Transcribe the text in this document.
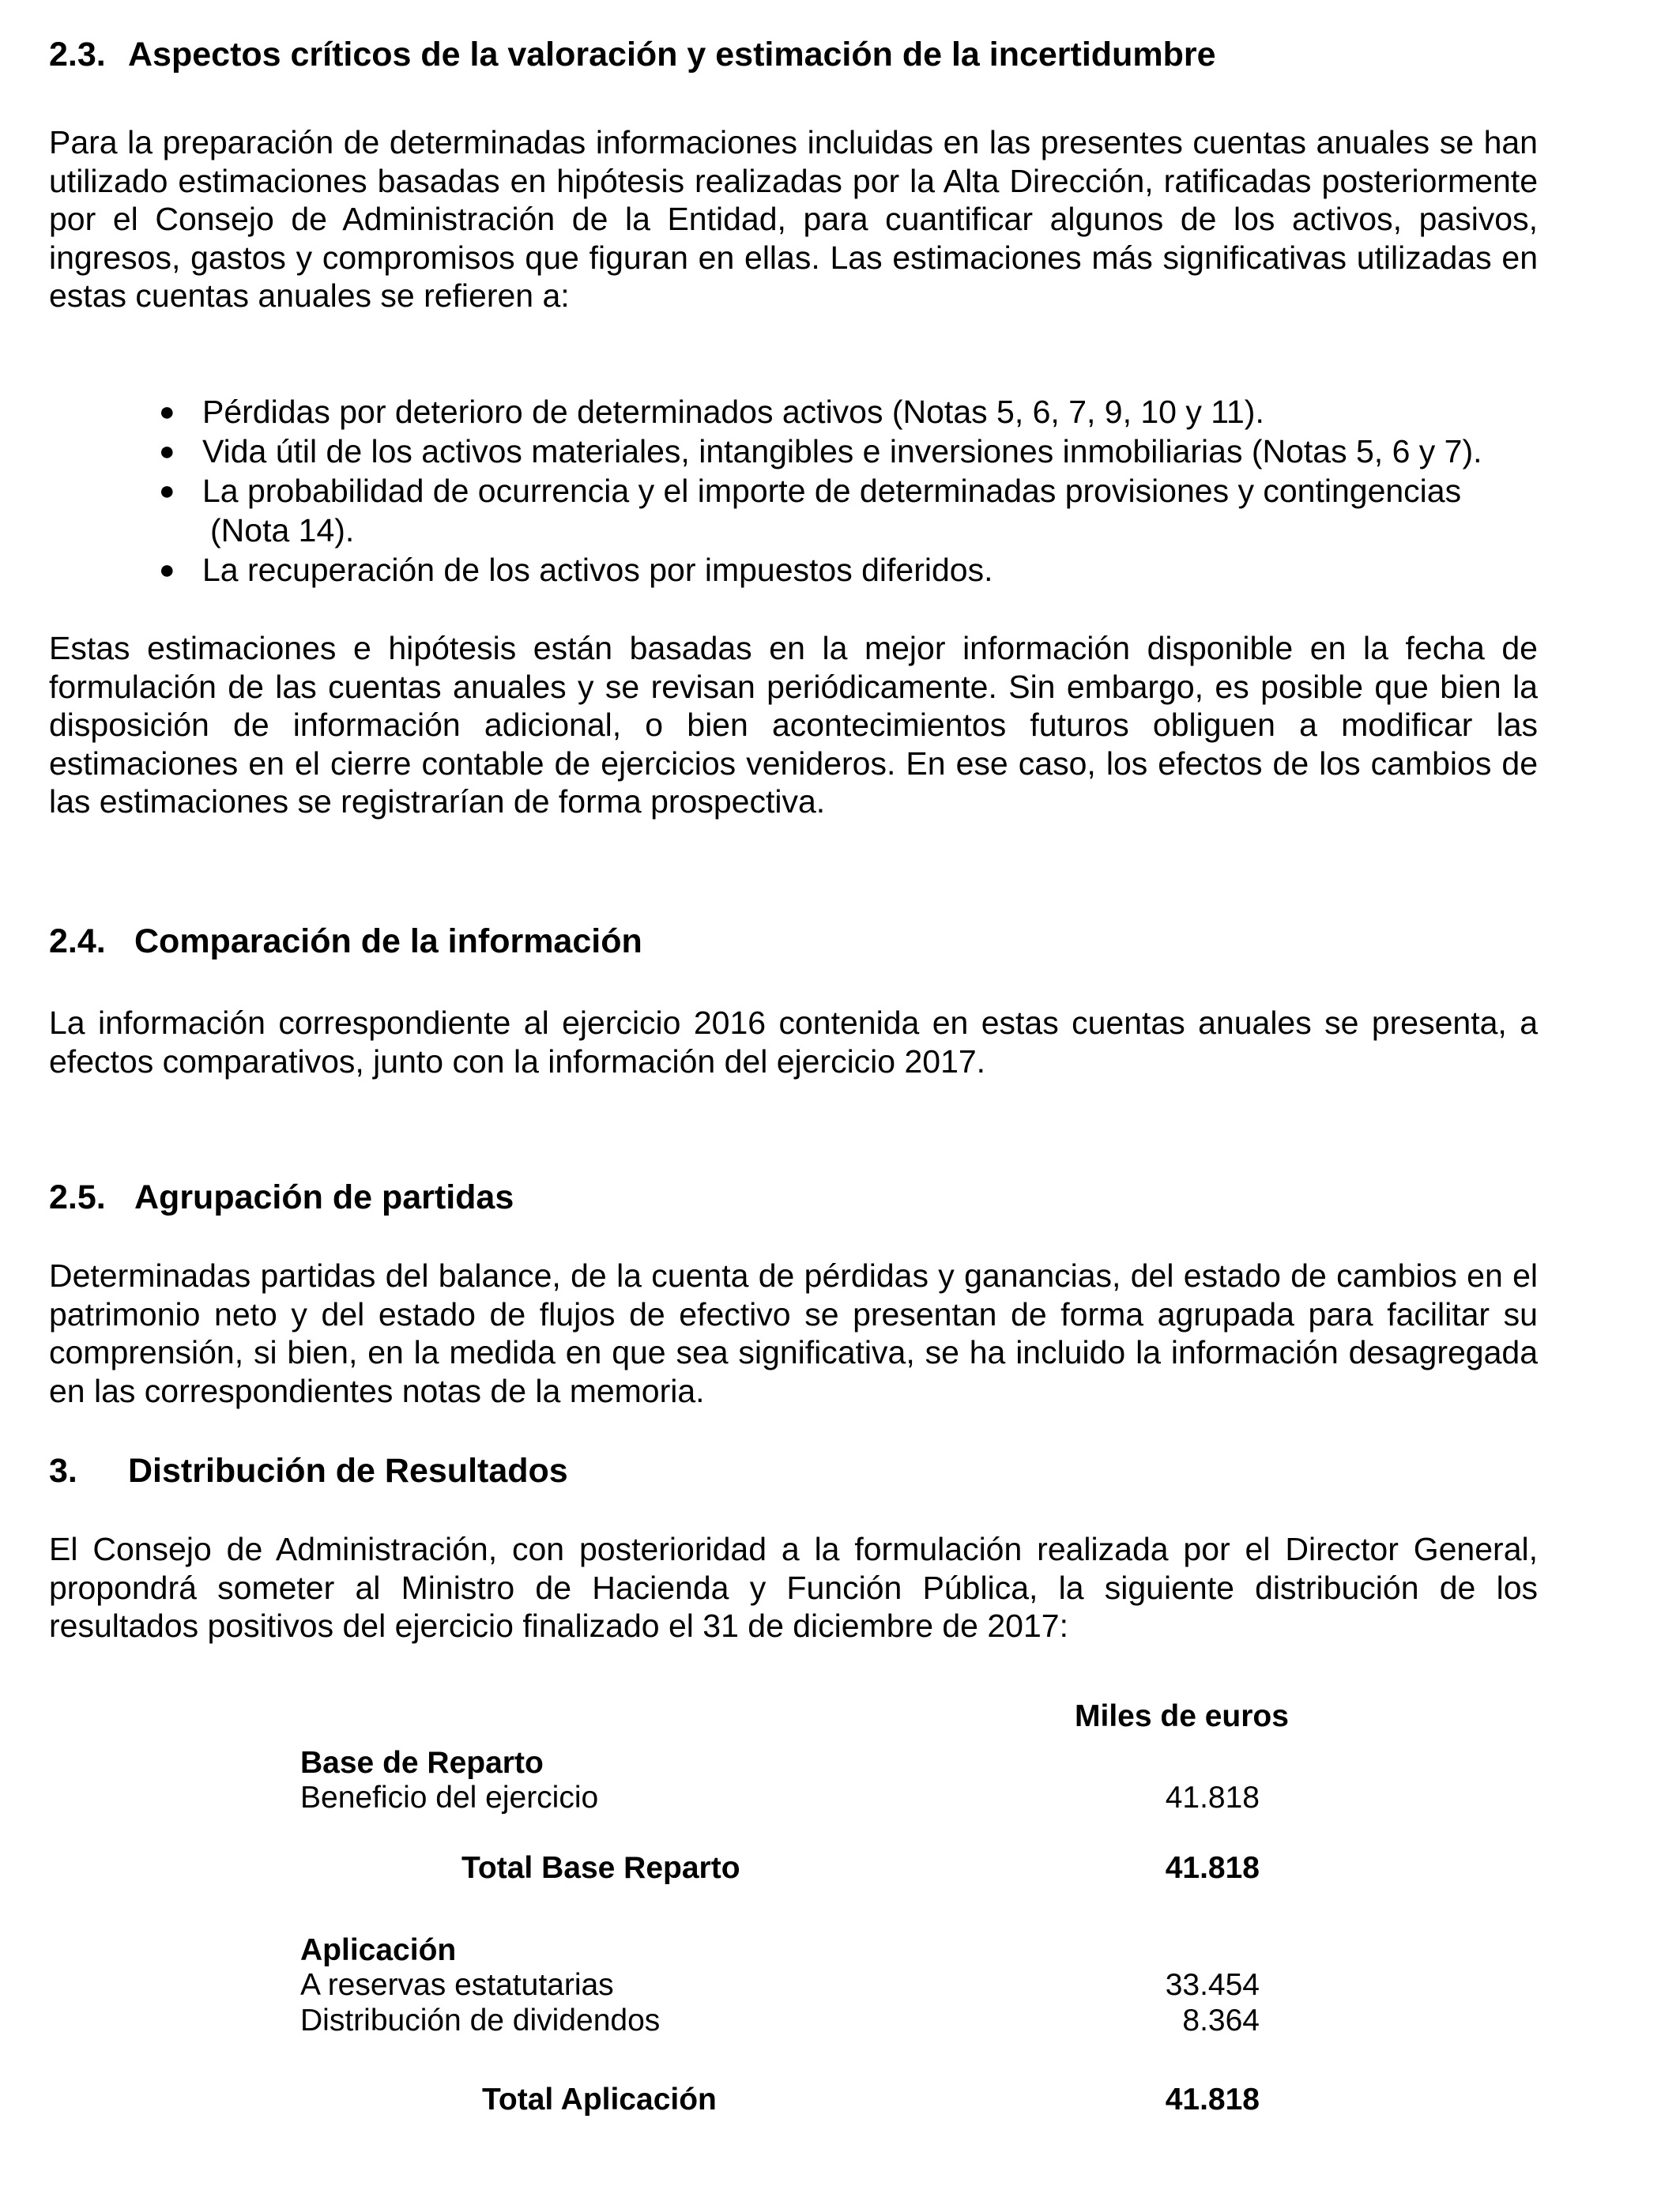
2.3. Aspectos críticos de la valoración y estimación de la incertidumbre
Para la preparación de determinadas informaciones incluidas en las presentes cuentas anuales se han utilizado estimaciones basadas en hipótesis realizadas por la Alta Dirección, ratificadas posteriormente por el Consejo de Administración de la Entidad, para cuantificar algunos de los activos, pasivos, ingresos, gastos y compromisos que figuran en ellas. Las estimaciones más significativas utilizadas en estas cuentas anuales se refieren a:
● Pérdidas por deterioro de determinados activos (Notas 5, 6, 7, 9, 10 y 11).
● Vida útil de los activos materiales, intangibles e inversiones inmobiliarias (Notas 5, 6 y 7).
● La probabilidad de ocurrencia y el importe de determinadas provisiones y contingencias
(Nota 14).
● La recuperación de los activos por impuestos diferidos.
Estas estimaciones e hipótesis están basadas en la mejor información disponible en la fecha de formulación de las cuentas anuales y se revisan periódicamente. Sin embargo, es posible que bien la disposición de información adicional, o bien acontecimientos futuros obliguen a modificar las estimaciones en el cierre contable de ejercicios venideros. En ese caso, los efectos de los cambios de las estimaciones se registrarían de forma prospectiva.
2.4. Comparación de la información
La información correspondiente al ejercicio 2016 contenida en estas cuentas anuales se presenta, a efectos comparativos, junto con la información del ejercicio 2017.
2.5. Agrupación de partidas
Determinadas partidas del balance, de la cuenta de pérdidas y ganancias, del estado de cambios en el patrimonio neto y del estado de flujos de efectivo se presentan de forma agrupada para facilitar su comprensión, si bien, en la medida en que sea significativa, se ha incluido la información desagregada en las correspondientes notas de la memoria.
3. Distribución de Resultados
El Consejo de Administración, con posterioridad a la formulación realizada por el Director General, propondrá someter al Ministro de Hacienda y Función Pública, la siguiente distribución de los resultados positivos del ejercicio finalizado el 31 de diciembre de 2017:
Miles de euros
Base de Reparto
Beneficio del ejercicio	41.818
Total Base Reparto	41.818
Aplicación
A reservas estatutarias	33.454
Distribución de dividendos	8.364
Total Aplicación	41.818
